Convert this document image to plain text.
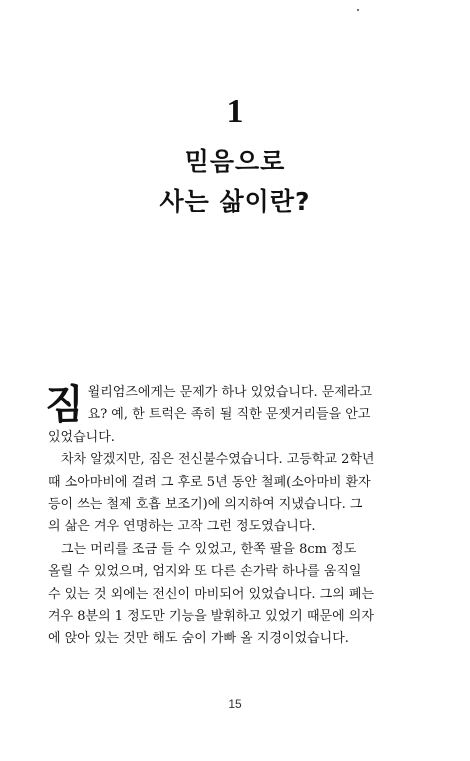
1
믿음으로
사는 삶이란?
짐 윌리엄즈에게는 문제가 하나 있었습니다. 문제라고
요? 예, 한 트럭은 족히 될 직한 문젯거리들을 안고
있었습니다.
차차 알겠지만, 짐은 전신불수였습니다. 고등학교 2학년
때 소아마비에 걸려 그 후로 5년 동안 철폐(소아마비 환자
등이 쓰는 철제 호흡 보조기)에 의지하여 지냈습니다. 그
의 삶은 겨우 연명하는 고작 그런 정도였습니다.
그는 머리를 조금 들 수 있었고, 한쪽 팔을 8cm 정도
올릴 수 있었으며, 엄지와 또 다른 손가락 하나를 움직일
수 있는 것 외에는 전신이 마비되어 있었습니다. 그의 폐는
겨우 8분의 1 정도만 기능을 발휘하고 있었기 때문에 의자
에 앉아 있는 것만 해도 숨이 가빠 올 지경이었습니다.
15
